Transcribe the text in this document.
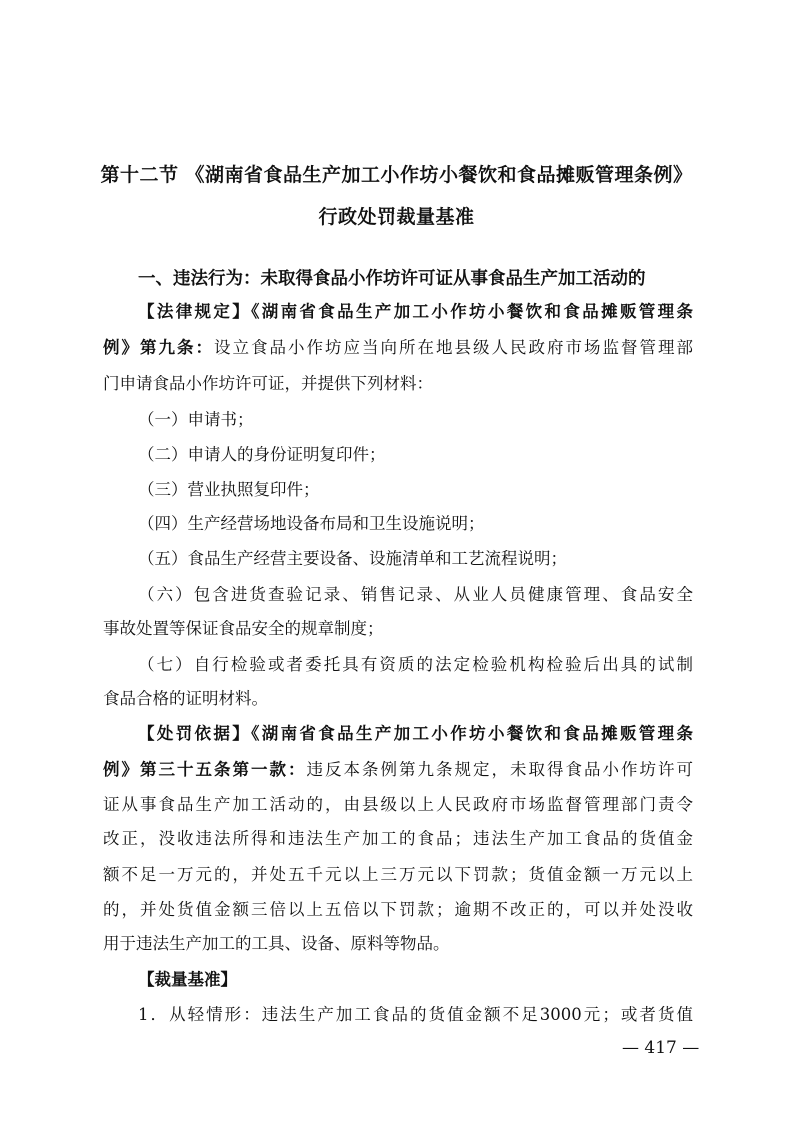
第十二节 《湖南省食品生产加工小作坊小餐饮和食品摊贩管理条例》
行政处罚裁量基准
一、违法行为：未取得食品小作坊许可证从事食品生产加工活动的
【法律规定】《湖南省食品生产加工小作坊小餐饮和食品摊贩管理条
例》第九条：设立食品小作坊应当向所在地县级人民政府市场监督管理部
门申请食品小作坊许可证，并提供下列材料：
（一）申请书；
（二）申请人的身份证明复印件；
（三）营业执照复印件；
（四）生产经营场地设备布局和卫生设施说明；
（五）食品生产经营主要设备、设施清单和工艺流程说明；
（六）包含进货查验记录、销售记录、从业人员健康管理、食品安全
事故处置等保证食品安全的规章制度；
（七）自行检验或者委托具有资质的法定检验机构检验后出具的试制
食品合格的证明材料。
【处罚依据】《湖南省食品生产加工小作坊小餐饮和食品摊贩管理条
例》第三十五条第一款：违反本条例第九条规定，未取得食品小作坊许可
证从事食品生产加工活动的，由县级以上人民政府市场监督管理部门责令
改正，没收违法所得和违法生产加工的食品；违法生产加工食品的货值金
额不足一万元的，并处五千元以上三万元以下罚款；货值金额一万元以上
的，并处货值金额三倍以上五倍以下罚款；逾期不改正的，可以并处没收
用于违法生产加工的工具、设备、原料等物品。
【裁量基准】
1．从轻情形：违法生产加工食品的货值金额不足3000元；或者货值
— 417 —
